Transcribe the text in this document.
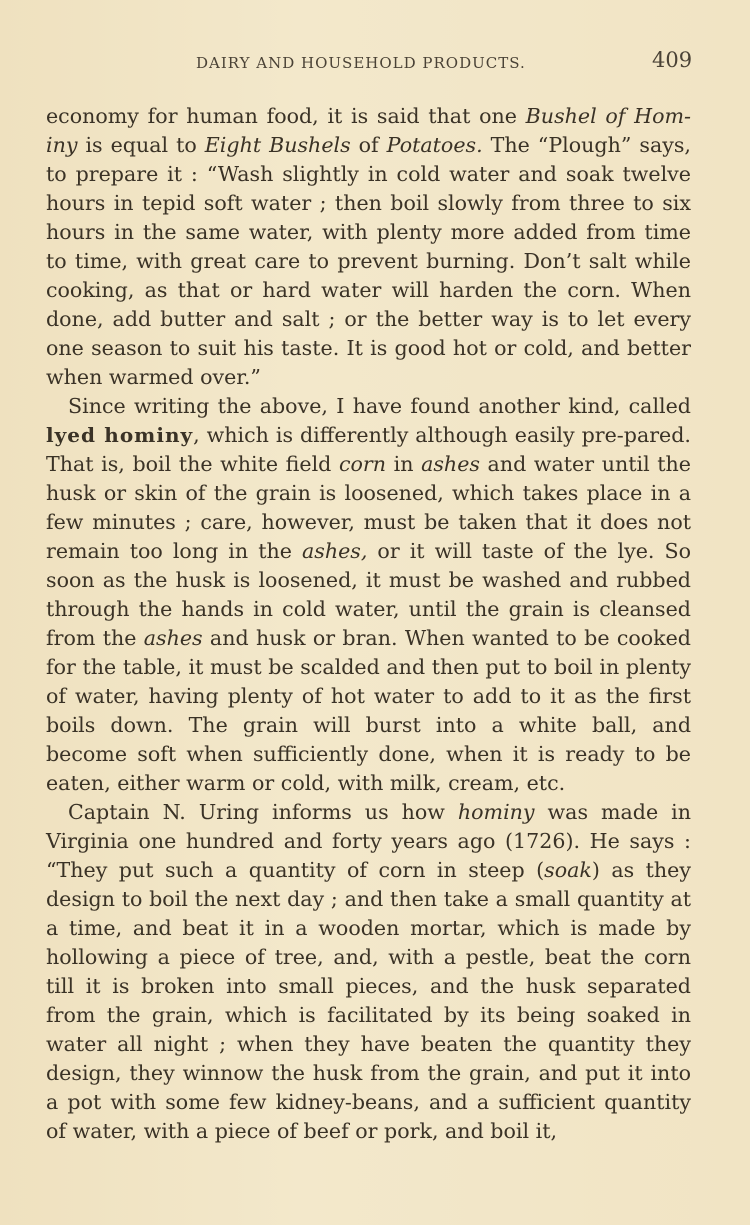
DAIRY AND HOUSEHOLD PRODUCTS.	409

economy for human food, it is said that one Bushel of Hom-iny is equal to Eight Bushels of Potatoes. The “Plough” says, to prepare it : “Wash slightly in cold water and soak twelve hours in tepid soft water ; then boil slowly from three to six hours in the same water, with plenty more added from time to time, with great care to prevent burning. Don’t salt while cooking, as that or hard water will harden the corn. When done, add butter and salt ; or the better way is to let every one season to suit his taste. It is good hot or cold, and better when warmed over.”

Since writing the above, I have found another kind, called lyed hominy, which is differently although easily pre-pared. That is, boil the white field corn in ashes and water until the husk or skin of the grain is loosened, which takes place in a few minutes ; care, however, must be taken that it does not remain too long in the ashes, or it will taste of the lye. So soon as the husk is loosened, it must be washed and rubbed through the hands in cold water, until the grain is cleansed from the ashes and husk or bran. When wanted to be cooked for the table, it must be scalded and then put to boil in plenty of water, having plenty of hot water to add to it as the first boils down. The grain will burst into a white ball, and become soft when sufficiently done, when it is ready to be eaten, either warm or cold, with milk, cream, etc.

Captain N. Uring informs us how hominy was made in Virginia one hundred and forty years ago (1726). He says : “They put such a quantity of corn in steep (soak) as they design to boil the next day ; and then take a small quantity at a time, and beat it in a wooden mortar, which is made by hollowing a piece of tree, and, with a pestle, beat the corn till it is broken into small pieces, and the husk separated from the grain, which is facilitated by its being soaked in water all night ; when they have beaten the quantity they design, they winnow the husk from the grain, and put it into a pot with some few kidney-beans, and a sufficient quantity of water, with a piece of beef or pork, and boil it,
